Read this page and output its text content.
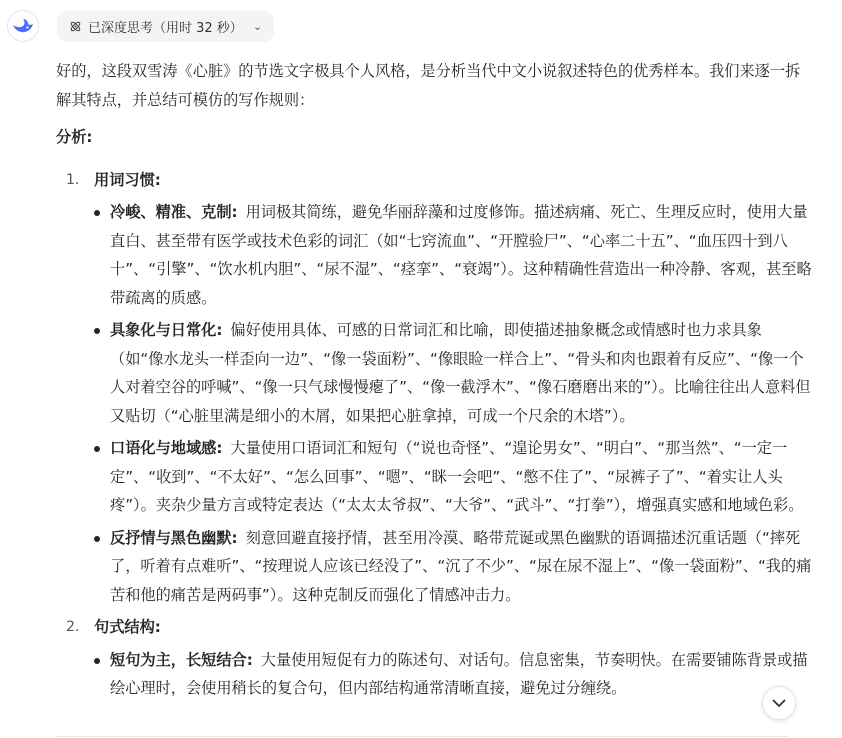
已深度思考（用时 32 秒） ⌄

好的，这段双雪涛《心脏》的节选文字极具个人风格，是分析当代中文小说叙述特色的优秀样本。我们来逐一拆解其特点，并总结可模仿的写作规则：

分析:
1. 用词习惯:
冷峻、精准、克制: 用词极其简练，避免华丽辞藻和过度修饰。描述病痛、死亡、生理反应时，使用大量直白、甚至带有医学或技术色彩的词汇（如“七窍流血”、“开膛验尸”、“心率二十五”、“血压四十到八十”、“引擎”、“饮水机内胆”、“尿不湿”、“痉挛”、“衰竭”）。这种精确性营造出一种冷静、客观，甚至略带疏离的质感。
具象化与日常化: 偏好使用具体、可感的日常词汇和比喻，即使描述抽象概念或情感时也力求具象（如“像水龙头一样歪向一边”、“像一袋面粉”、“像眼睑一样合上”、“骨头和肉也跟着有反应”、“像一个人对着空谷的呼喊”、“像一只气球慢慢瘪了”、“像一截浮木”、“像石磨磨出来的”）。比喻往往出人意料但又贴切（“心脏里满是细小的木屑，如果把心脏拿掉，可成一个尺余的木塔”）。
口语化与地域感: 大量使用口语词汇和短句（“说也奇怪”、“遑论男女”、“明白”、“那当然”、“一定一定”、“收到”、“不太好”、“怎么回事”、“嗯”、“眯一会吧”、“憋不住了”、“尿裤子了”、“着实让人头疼”）。夹杂少量方言或特定表达（“太太太爷叔”、“大爷”、“武斗”、“打拳”），增强真实感和地域色彩。
反抒情与黑色幽默: 刻意回避直接抒情，甚至用冷漠、略带荒诞或黑色幽默的语调描述沉重话题（“摔死了，听着有点难听”、“按理说人应该已经没了”、“沉了不少”、“尿在尿不湿上”、“像一袋面粉”、“我的痛苦和他的痛苦是两码事”）。这种克制反而强化了情感冲击力。
2. 句式结构:
短句为主，长短结合: 大量使用短促有力的陈述句、对话句。信息密集，节奏明快。在需要铺陈背景或描绘心理时，会使用稍长的复合句，但内部结构通常清晰直接，避免过分缠绕。
